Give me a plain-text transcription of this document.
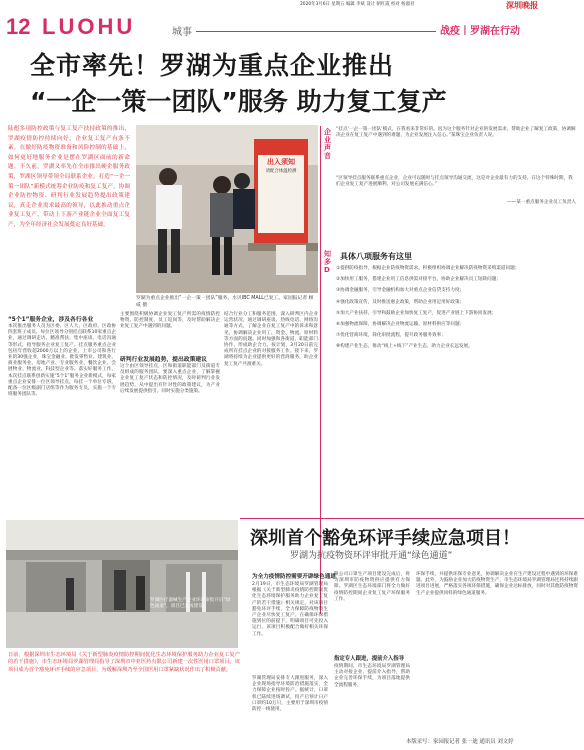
2020年3月6日 星期五 编辑 李斌 设计 朝红霞 校对 杨淑君	深圳晚报
12 LUOHU	城事	战疫丨罗湖在行动
全市率先！罗湖为重点企业推出
“一企一策一团队”服务 助力复工复产
陆彪多项防控政策与复工复产扶持政策的推出，罗湖疫情防控持续向好，企业复工复产有条不紊。在做好防疫物资准备和风险控制的基础上，如何更好地服务企业是摆在罗湖区面前的新命题。不久前，罗湖又率先在全市推出硬企服务政策，罗湖区领导带领全局联系企业，打造“一企一策一团队”新模式统筹企业防疫和复工复产，协调企业防控物资、研判行业发展趋势提出政策建议，真走企业需求最高的领导，以此推动重点企业复工复产，带动上下游产业链企业全面复工复产，为全年经济社会发展奠定良好基础。
出入须知
请配合体温检测
罗湖为重点企业推出“一企一策一团队”服务。水贝IBC MALL已复工。家园报记者 顾威 摄
企业声音
“挂点‘一企一策一团队’模式，在我看来非常好的。因为这个服务针对企业的发展需求，帮助企业了解复工政策，协调解决企业在复工复产中遇到的难题，为企业发展注入信心。”某珠宝企业负责人说。
“区领导挂点服务联系重点企业，企业可以随时与挂点领导沟通交流，这是对企业最有力的支持。在这个特殊时期，我们企业复工复产进展顺利，对公司发展充满信心。”
——某一重点服务企业员工负责人
知多D
具体八项服务有这里
①提供防疫指导，根据企业防疫物资需求，积极组织协调企业解决防疫物资采购渠道问题；
②加快用工服务，搭建企业用工信息供需对接平台，协助企业解决员工短缺问题；
③协调金融服务，引导金融机构加大对重点企业信贷支持力度；
④强化政策宣传，及时推送惠企政策，帮助企业用足用好政策；
⑤加大产业扶持，引导和鼓励企业加快复工复产，促进产业链上下游协同发展；
⑥加强物流保障，协调解决企业物流运输、原材料供应等问题；
⑦优化营商环境，简化审批流程，提升政务服务效率；
⑧构建产业生态，推动“线上+线下”产业生态，助力企业长远发展。
“5个1”服务企业，涉及各行各业
本次推出服务人员为区委、区人大、区政府、区政协四套班子成员，每位区领导分别挂点联系10家重点企业，通过调研走访、精准帮扶、集中座谈、电话沟通等形式，指导服务企业复工复产。挂点服务重点企业包括年营收超2000万以上的企业，上市公司和各行业的30强企业，珠宝金融业、批发零售业、建筑业、商业服务业、房地产业、专业服务业、餐饮企业、会展物业、物流业、科技型企业等。落实好服务工作，本次挂点联系创新实施“5个1”服务企业新模式，每家重点企业安排一位区领导挂点，每挂一个单位专班，配备一位区级副门店组等作为服务专员，实施一个专班服务团队等。
主要围绕积极协调企业复工复产所需的疫情防控物资、防控制度、员工返岗等，及时帮助解决企业复工复产中遇到的问题。
研判行业发展趋势，提出政策建议
这个由区领导挂点，区和街道职能部门及街道专员组成的服务团队，要深入重点企业，了解掌握企业复工复产状态和防控情况，及时研判行业发展趋势，从中提出有针对性的政策建议，为产业后续发展提供指引。同时实施分类施策。
结合行业分工和服务范围，深入研判区内企业运营状况，通过调研座谈、热线电话、网络沟通等方式，了解企业在复工复产中的诉求和意见，协调解决企业用工、资金、物流、原材料等方面的问题。同时加强和各街道、职能部门协作，形成助企合力。按计划，3月20日前完成所有挂点企业的对接服务工作。接下来，罗湖将持续为企业提供更好的营商服务，助企业复工复产共渡难关。
深圳首个豁免环评手续应急项目！
罗湖为抗疫物资环评审批开通“绿色通道”
罗湖医疗器械生产企业环评审批开启“绿色通道”，项目已完成建设。
日前，根据深圳市生态环境局《关于新型肺炎疫情防控期间优化生态环境保护服务助力企业复工复产的若干措施》，市生态环境局罗湖管理局指导了深圳市中亚医药有限公司新建一次性医用口罩项目，该项目成为首个豁免环评手续的应急项目，为缓解深圳乃至全国医用口罩紧缺状况作出了积极贡献。
为全力疫情防控需要开辟绿色通道
2月19日，市生态环境局罗湖管理局根据《关于新型肺炎疫情防控期间优化生态环境保护服务助力企业复工复产的若干措施》相关规定，对该项目豁免环评手续，全力保障防疫物资生产企业尽快复工复产。在确保环保措施到位的前提下，明确项目可先投入运行，该项目积极配合做好相关环保工作。
罗湖管理局安排专人跟进服务，深入企业现场指导环境防治措施落实，全力保障企业按时投产。据统计，口罩机已陆续进场调试，投产后预计日产口罩约10万只，主要用于深圳市疫情防控一线使用。
限公司口罩生产项目建设完成后，将为深圳市防疫物资供应提供有力保障。罗湖区生态环境部门将全力做好疫情防控期间企业复工复产环保服务工作。
指定专人跟进，提前介入指导
疫情期间，市生态环境局罗湖管理局主动对接企业，提前介入指导，帮助企业完善环保手续，为项目落地提供全流程服务。
环保手续，并提供环保专业意见，协调解决企业在生产建设过程中遇到的环保难题。此外，为鼓励企业加大防疫物资生产，市生态环境局罗湖管理局还将持续跟进项目进展，严格落实各项环保措施，确保企业达标排放，同时对其他防疫物资生产企业提供同样的绿色通道服务。
本版采写：家园报记者 张一迪 通讯员 刘文婷
